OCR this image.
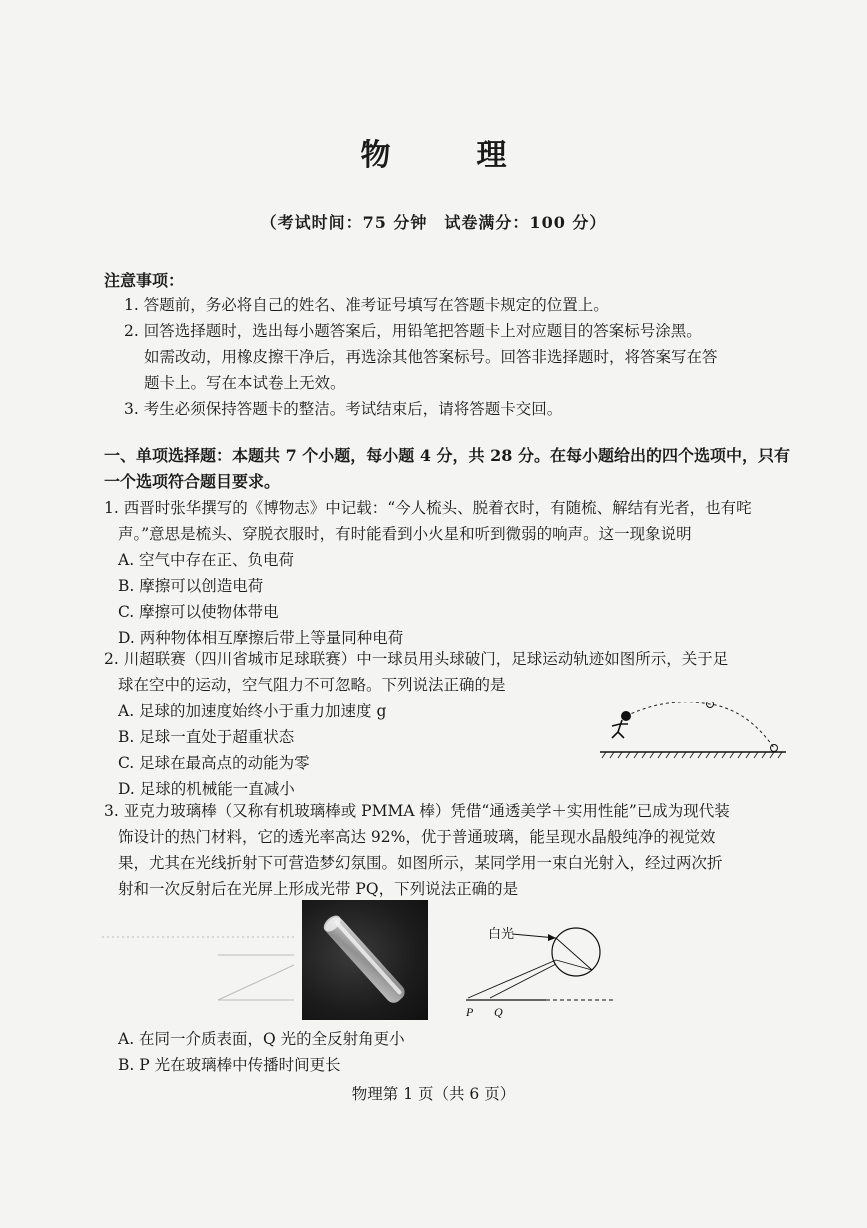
物　理
（考试时间：75 分钟　试卷满分：100 分）
注意事项：
1. 答题前，务必将自己的姓名、准考证号填写在答题卡规定的位置上。
2. 回答选择题时，选出每小题答案后，用铅笔把答题卡上对应题目的答案标号涂黑。
如需改动，用橡皮擦干净后，再选涂其他答案标号。回答非选择题时，将答案写在答
题卡上。写在本试卷上无效。
3. 考生必须保持答题卡的整洁。考试结束后，请将答题卡交回。
一、单项选择题：本题共 7 个小题，每小题 4 分，共 28 分。在每小题给出的四个选项中，只有
一个选项符合题目要求。
1. 西晋时张华撰写的《博物志》中记载：“今人梳头、脱着衣时，有随梳、解结有光者，也有咤
声。”意思是梳头、穿脱衣服时，有时能看到小火星和听到微弱的响声。这一现象说明
A. 空气中存在正、负电荷
B. 摩擦可以创造电荷
C. 摩擦可以使物体带电
D. 两种物体相互摩擦后带上等量同种电荷
2. 川超联赛（四川省城市足球联赛）中一球员用头球破门，足球运动轨迹如图所示，关于足
球在空中的运动，空气阻力不可忽略。下列说法正确的是
A. 足球的加速度始终小于重力加速度 g
B. 足球一直处于超重状态
C. 足球在最高点的动能为零
D. 足球的机械能一直减小
3. 亚克力玻璃棒（又称有机玻璃棒或 PMMA 棒）凭借“通透美学＋实用性能”已成为现代装
饰设计的热门材料，它的透光率高达 92%，优于普通玻璃，能呈现水晶般纯净的视觉效
果，尤其在光线折射下可营造梦幻氛围。如图所示，某同学用一束白光射入，经过两次折
射和一次反射后在光屏上形成光带 PQ，下列说法正确的是
白光
P Q
A. 在同一介质表面，Q 光的全反射角更小
B. P 光在玻璃棒中传播时间更长
物理第 1 页（共 6 页）
